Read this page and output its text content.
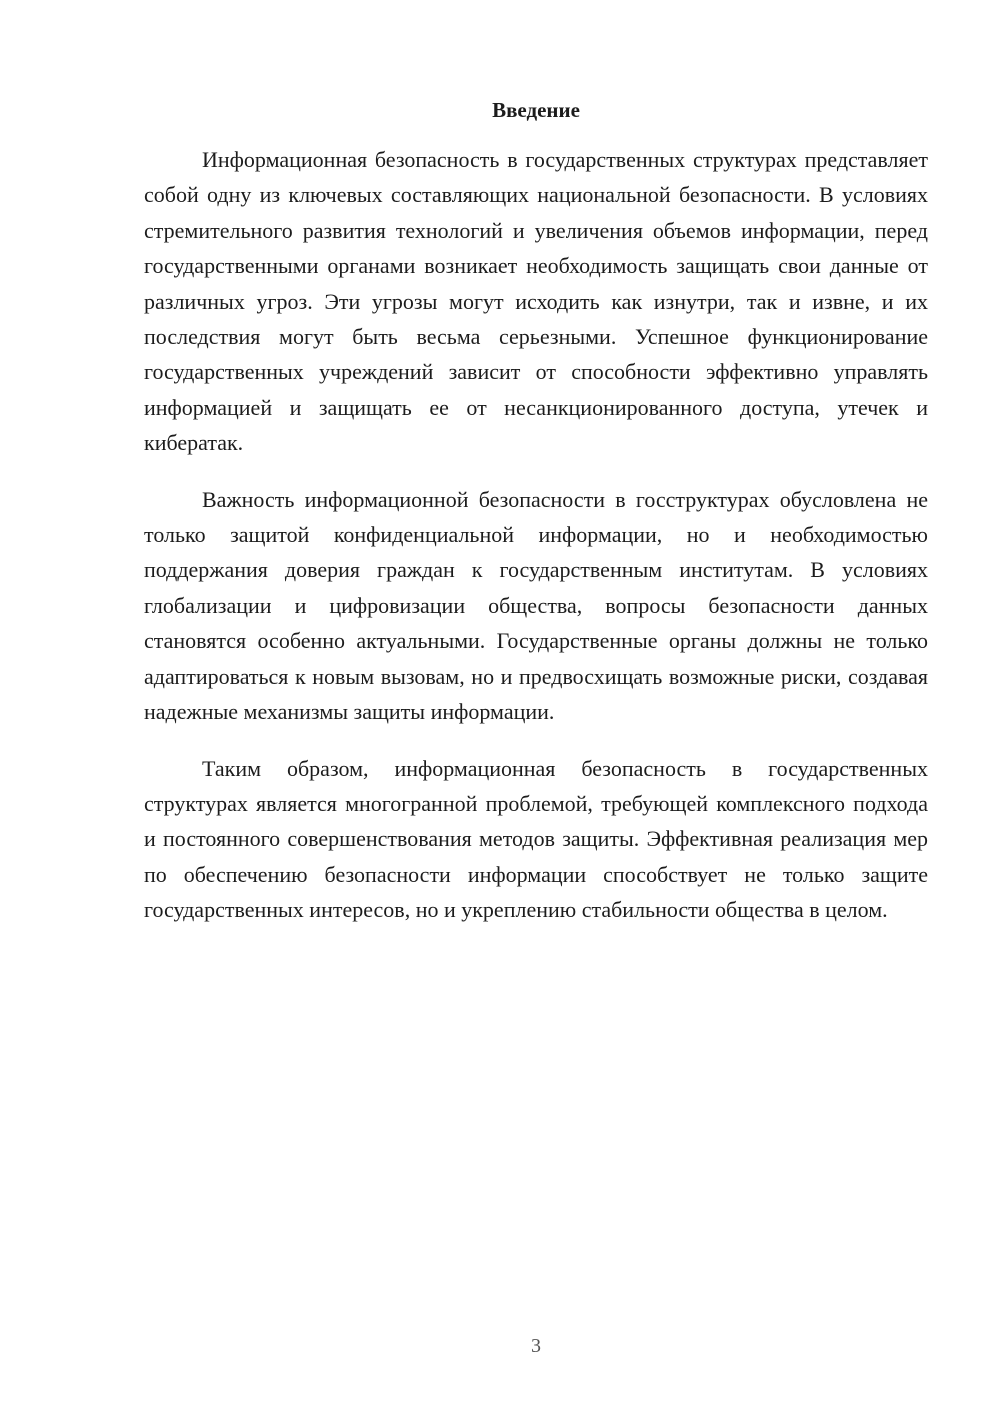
Введение

Информационная безопасность в государственных структурах представляет собой одну из ключевых составляющих национальной безопасности. В условиях стремительного развития технологий и увеличения объемов информации, перед государственными органами возникает необходимость защищать свои данные от различных угроз. Эти угрозы могут исходить как изнутри, так и извне, и их последствия могут быть весьма серьезными. Успешное функционирование государственных учреждений зависит от способности эффективно управлять информацией и защищать ее от несанкционированного доступа, утечек и кибератак.

Важность информационной безопасности в госструктурах обусловлена не только защитой конфиденциальной информации, но и необходимостью поддержания доверия граждан к государственным институтам. В условиях глобализации и цифровизации общества, вопросы безопасности данных становятся особенно актуальными. Государственные органы должны не только адаптироваться к новым вызовам, но и предвосхищать возможные риски, создавая надежные механизмы защиты информации.

Таким образом, информационная безопасность в государственных структурах является многогранной проблемой, требующей комплексного подхода и постоянного совершенствования методов защиты. Эффективная реализация мер по обеспечению безопасности информации способствует не только защите государственных интересов, но и укреплению стабильности общества в целом.

3
